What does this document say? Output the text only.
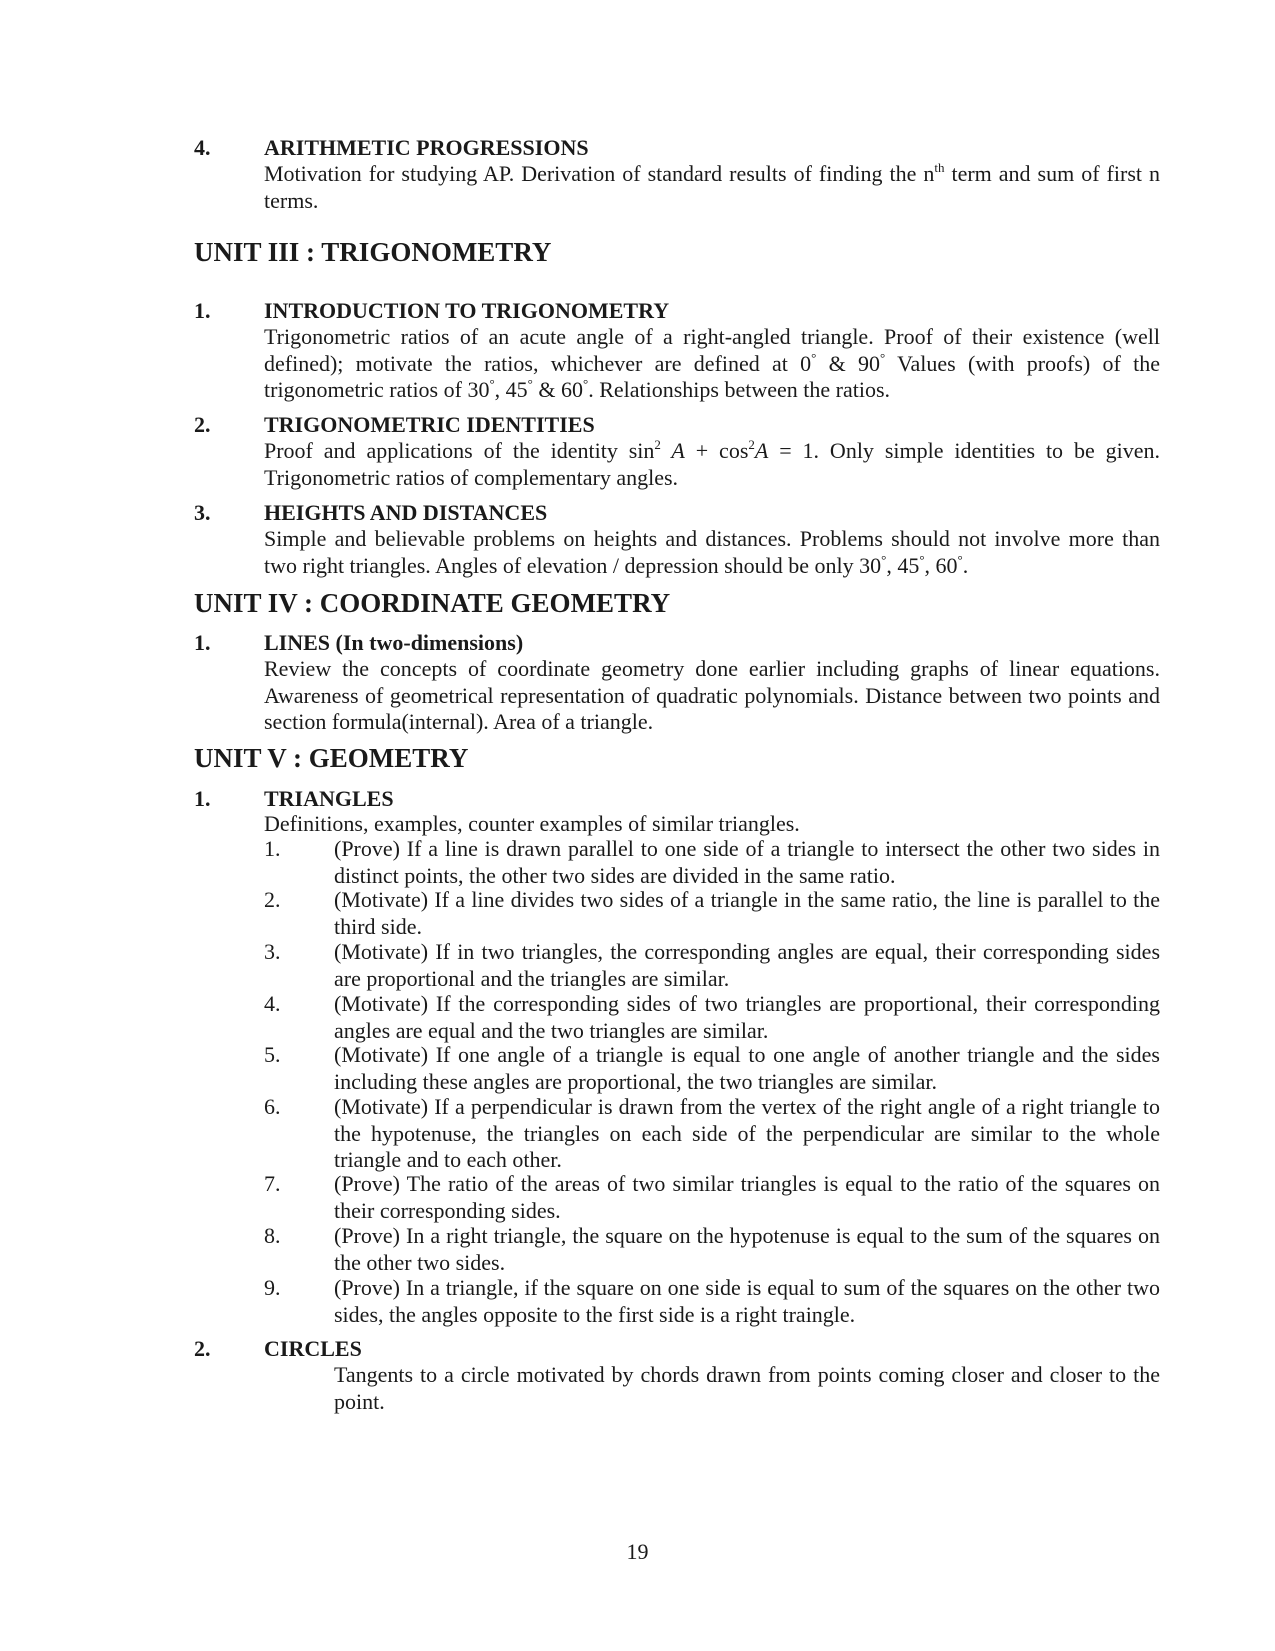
4. ARITHMETIC PROGRESSIONS
Motivation for studying AP. Derivation of standard results of finding the $n^{th}$ term and sum of first n terms.
UNIT III : TRIGONOMETRY
1. INTRODUCTION TO TRIGONOMETRY
Trigonometric ratios of an acute angle of a right-angled triangle. Proof of their existence (well defined); motivate the ratios, whichever are defined at 0° & 90° Values (with proofs) of the trigonometric ratios of 30°, 45° & 60°. Relationships between the ratios.
2. TRIGONOMETRIC IDENTITIES
Proof and applications of the identity $\sin^2 A + \cos^2A = 1$. Only simple identities to be given. Trigonometric ratios of complementary angles.
3. HEIGHTS AND DISTANCES
Simple and believable problems on heights and distances. Problems should not involve more than two right triangles. Angles of elevation / depression should be only 30°, 45°, 60°.
UNIT IV : COORDINATE GEOMETRY
1. LINES (In two-dimensions)
Review the concepts of coordinate geometry done earlier including graphs of linear equations. Awareness of geometrical representation of quadratic polynomials. Distance between two points and section formula(internal). Area of a triangle.
UNIT V : GEOMETRY
1. TRIANGLES
Definitions, examples, counter examples of similar triangles.
1. (Prove) If a line is drawn parallel to one side of a triangle to intersect the other two sides in distinct points, the other two sides are divided in the same ratio.
2. (Motivate) If a line divides two sides of a triangle in the same ratio, the line is parallel to the third side.
3. (Motivate) If in two triangles, the corresponding angles are equal, their corresponding sides are proportional and the triangles are similar.
4. (Motivate) If the corresponding sides of two triangles are proportional, their corresponding angles are equal and the two triangles are similar.
5. (Motivate) If one angle of a triangle is equal to one angle of another triangle and the sides including these angles are proportional, the two triangles are similar.
6. (Motivate) If a perpendicular is drawn from the vertex of the right angle of a right triangle to the hypotenuse, the triangles on each side of the perpendicular are similar to the whole triangle and to each other.
7. (Prove) The ratio of the areas of two similar triangles is equal to the ratio of the squares on their corresponding sides.
8. (Prove) In a right triangle, the square on the hypotenuse is equal to the sum of the squares on the other two sides.
9. (Prove) In a triangle, if the square on one side is equal to sum of the squares on the other two sides, the angles opposite to the first side is a right traingle.
2. CIRCLES
Tangents to a circle motivated by chords drawn from points coming closer and closer to the point.
19
